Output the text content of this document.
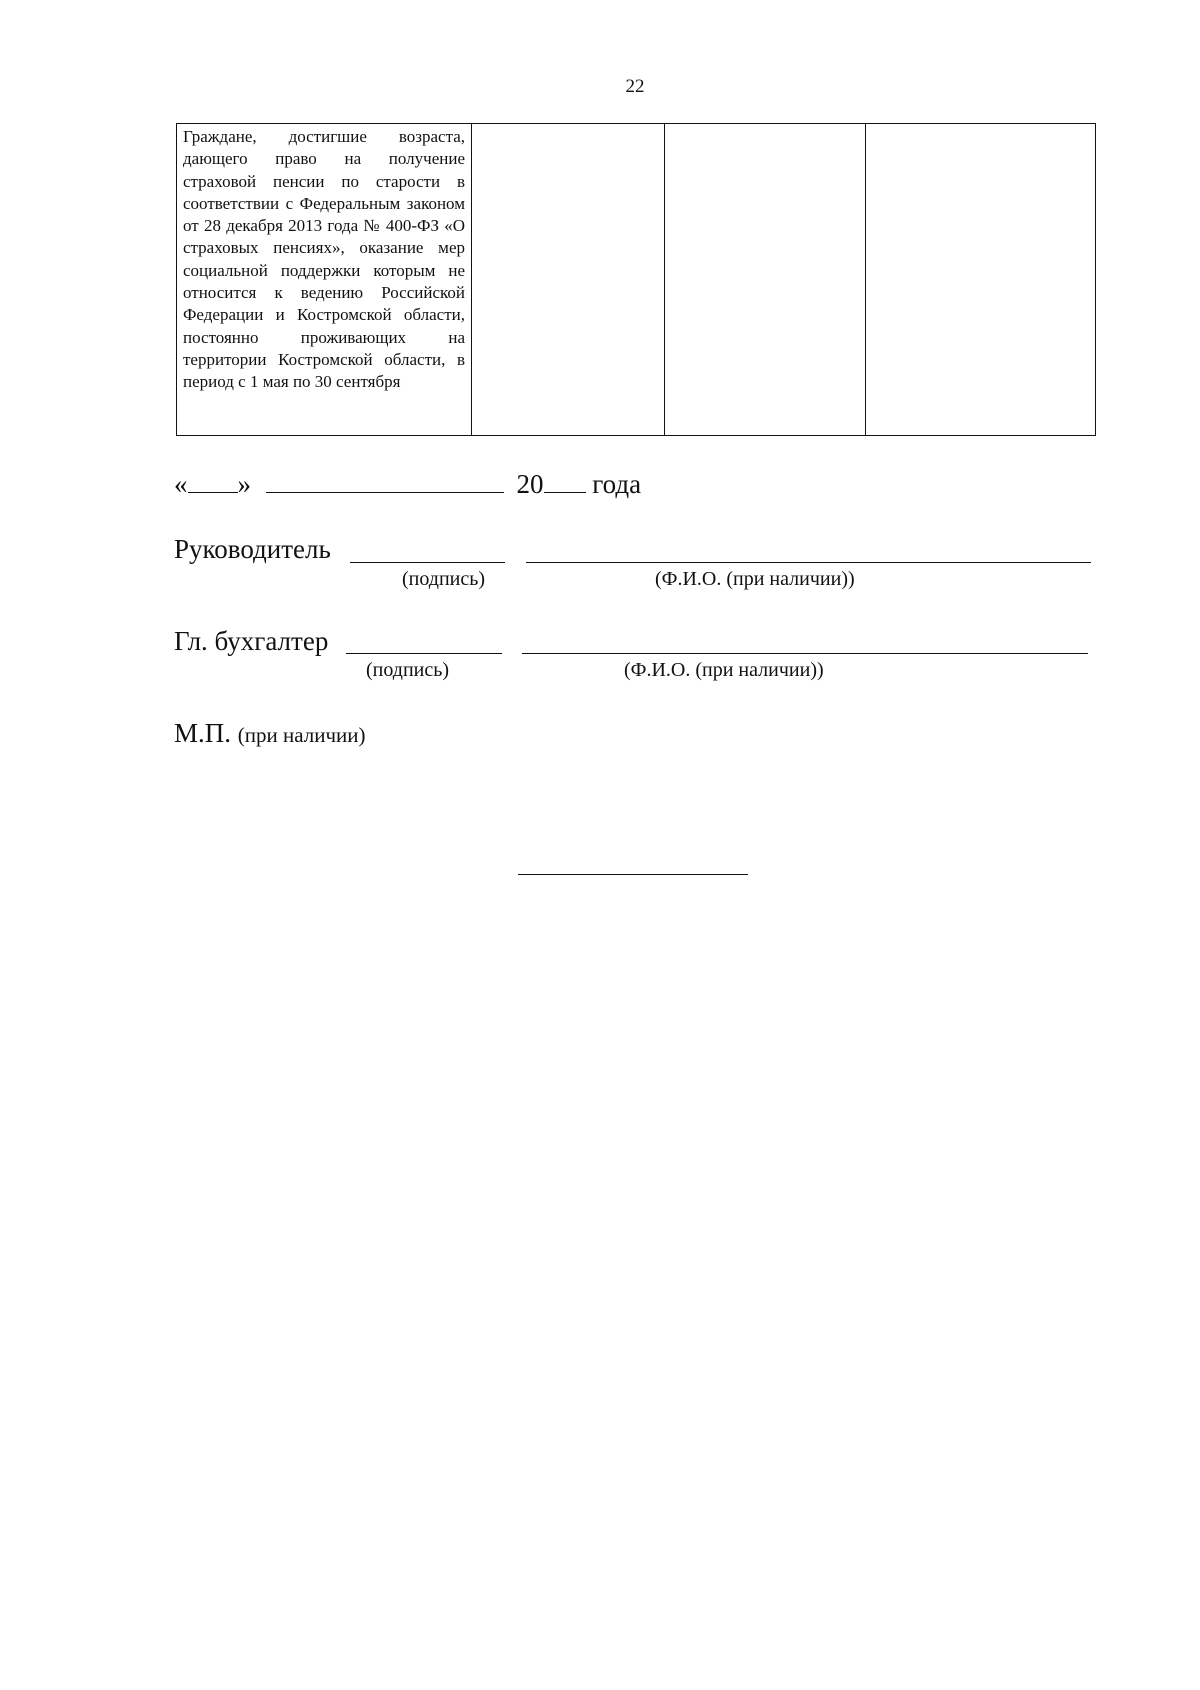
22
Граждане, достигшие возраста, дающего право на получение страховой пенсии по старости в соответствии с Федеральным законом от 28 декабря 2013 года № 400-ФЗ «О страховых пенсиях», оказание мер социальной поддержки которым не относится к ведению Российской Федерации и Костромской области, постоянно проживающих на территории Костромской области, в период с 1 мая по 30 сентября

« »	20 года
Руководитель
(подпись)	(Ф.И.О. (при наличии))
Гл. бухгалтер
(подпись)	(Ф.И.О. (при наличии))
М.П. (при наличии)
